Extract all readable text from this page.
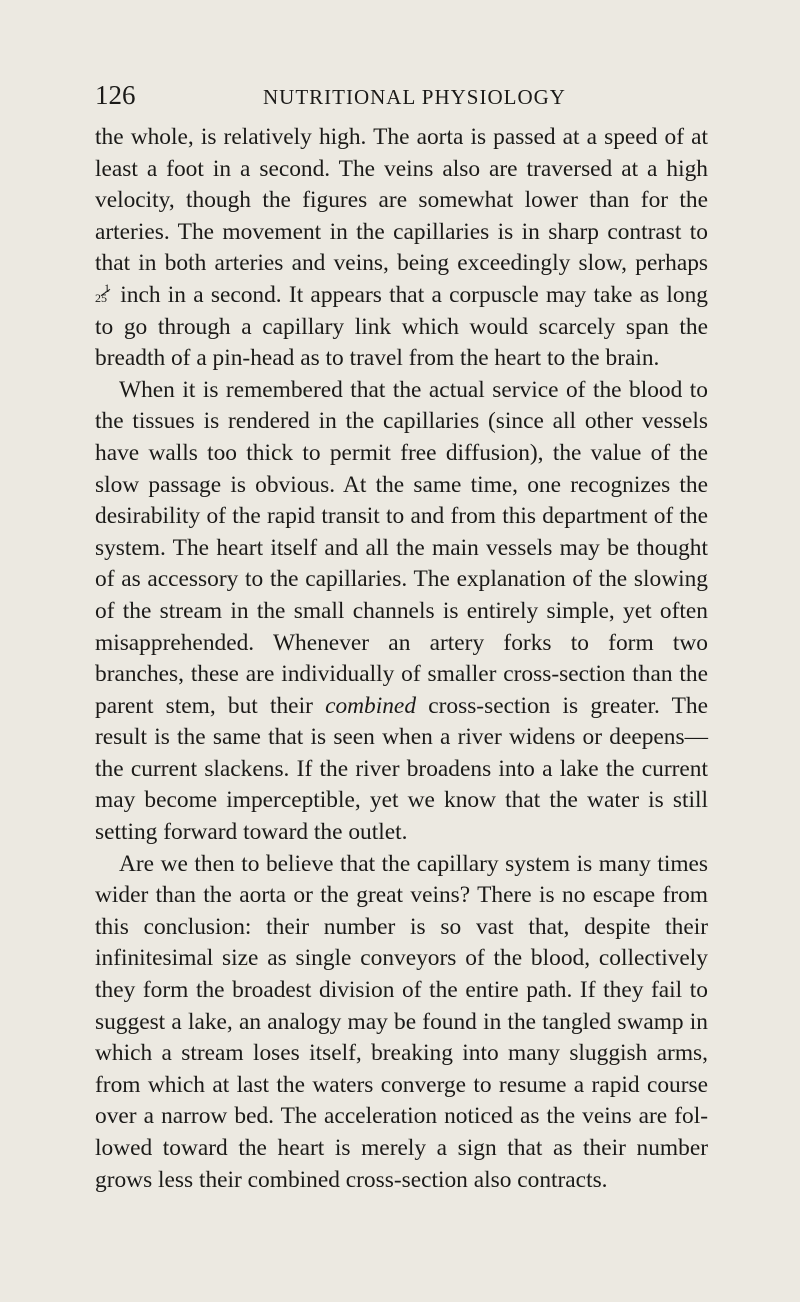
126	NUTRITIONAL PHYSIOLOGY

the whole, is relatively high. The aorta is passed at a speed of at least a foot in a second. The veins also are traversed at a high velocity, though the figures are somewhat lower than for the arteries. The movement in the capillaries is in sharp contrast to that in both arteries and veins, being exceedingly slow, perhaps
1
25 inch in a second. It appears that a corpuscle may take as long to go through a capillary link which would scarcely span the breadth of a pin-head as to travel from the heart to the brain.

When it is remembered that the actual service of the blood to the tissues is rendered in the capillaries (since all other vessels have walls too thick to permit free diffusion), the value of the slow passage is obvious. At the same time, one recognizes the desirability of the rapid transit to and from this department of the system. The heart itself and all the main vessels may be thought of as accessory to the capillaries. The explanation of the slowing of the stream in the small channels is entirely simple, yet often misapprehended. Whenever an artery forks to form two branches, these are individually of smaller cross-section than the parent stem, but their combined cross-section is greater. The result is the same that is seen when a river widens or deepens—the current slackens. If the river broadens into a lake the current may become imperceptible, yet we know that the water is still setting forward toward the outlet.

Are we then to believe that the capillary system is many times wider than the aorta or the great veins? There is no escape from this conclusion: their number is so vast that, despite their infinitesimal size as single conveyors of the blood, collectively they form the broadest division of the entire path. If they fail to suggest a lake, an analogy may be found in the tangled swamp in which a stream loses itself, breaking into many sluggish arms, from which at last the waters converge to resume a rapid course over a narrow bed. The acceleration noticed as the veins are followed toward the heart is merely a sign that as their number grows less their combined cross-section also contracts.
